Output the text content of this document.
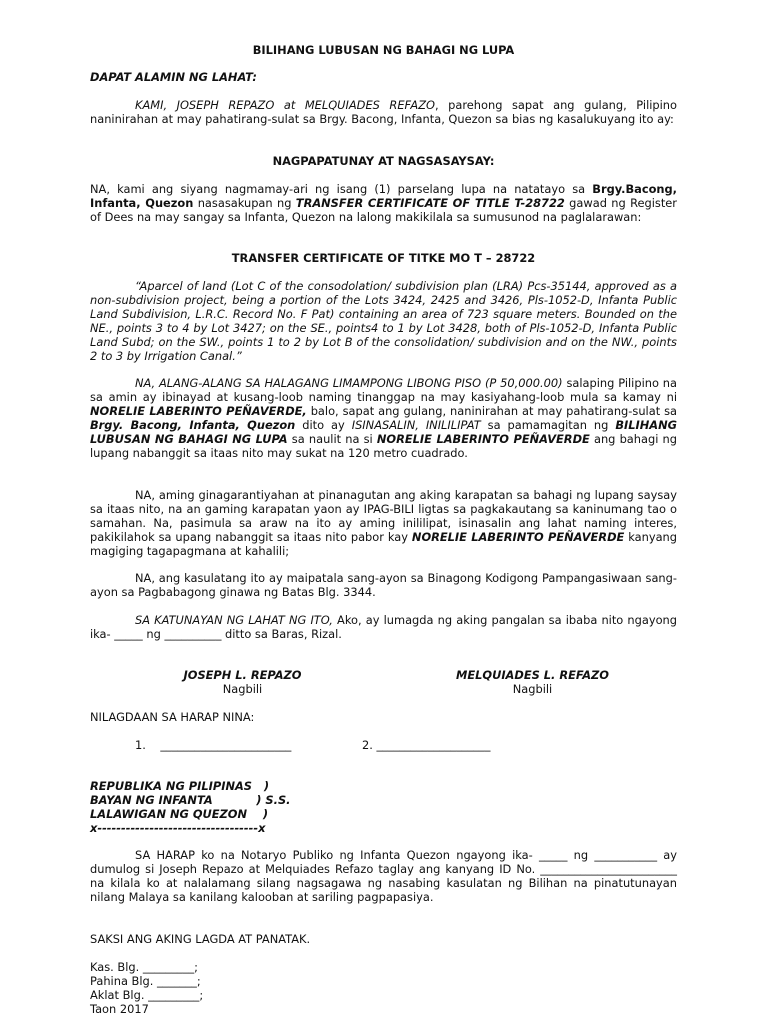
BILIHANG LUBUSAN NG BAHAGI NG LUPA
DAPAT ALAMIN NG LAHAT:
KAMI, JOSEPH REPAZO at MELQUIADES REFAZO, parehong sapat ang gulang, Pilipino naninirahan at may pahatirang-sulat sa Brgy. Bacong, Infanta, Quezon sa bias ng kasalukuyang ito ay:
NAGPAPATUNAY AT NAGSASAYSAY:
NA, kami ang siyang nagmamay-ari ng isang (1) parselang lupa na natatayo sa Brgy.Bacong, Infanta, Quezon nasasakupan ng TRANSFER CERTIFICATE OF TITLE T-28722 gawad ng Register of Dees na may sangay sa Infanta, Quezon na lalong makikilala sa sumusunod na paglalarawan:
TRANSFER CERTIFICATE OF TITKE MO T – 28722
“Aparcel of land (Lot C of the consodolation/ subdivision plan (LRA) Pcs-35144, approved as a non-subdivision project, being a portion of the Lots 3424, 2425 and 3426, Pls-1052-D, Infanta Public Land Subdivision, L.R.C. Record No. F Pat) containing an area of 723 square meters. Bounded on the NE., points 3 to 4 by Lot 3427; on the SE., points4 to 1 by Lot 3428, both of Pls-1052-D, Infanta Public Land Subd; on the SW., points 1 to 2 by Lot B of the consolidation/ subdivision and on the NW., points 2 to 3 by Irrigation Canal.”
NA, ALANG-ALANG SA HALAGANG LIMAMPONG LIBONG PISO (P 50,000.00) salaping Pilipino na sa amin ay ibinayad at kusang-loob naming tinanggap na may kasiyahang-loob mula sa kamay ni NORELIE LABERINTO PEÑAVERDE, balo, sapat ang gulang, naninirahan at may pahatirang-sulat sa Brgy. Bacong, Infanta, Quezon dito ay ISINASALIN, INILILIPAT sa pamamagitan ng BILIHANG LUBUSAN NG BAHAGI NG LUPA sa naulit na si NORELIE LABERINTO PEÑAVERDE ang bahagi ng lupang nabanggit sa itaas nito may sukat na 120 metro cuadrado.
NA, aming ginagarantiyahan at pinanagutan ang aking karapatan sa bahagi ng lupang saysay sa itaas nito, na an gaming karapatan yaon ay IPAG-BILI ligtas sa pagkakautang sa kaninumang tao o samahan. Na, pasimula sa araw na ito ay aming inililipat, isinasalin ang lahat naming interes, pakikilahok sa upang nabanggit sa itaas nito pabor kay NORELIE LABERINTO PEÑAVERDE kanyang magiging tagapagmana at kahalili;
NA, ang kasulatang ito ay maipatala sang-ayon sa Binagong Kodigong Pampangasiwaan sang-ayon sa Pagbabagong ginawa ng Batas Blg. 3344.
SA KATUNAYAN NG LAHAT NG ITO, Ako, ay lumagda ng aking pangalan sa ibaba nito ngayong ika- _____ ng __________ ditto sa Baras, Rizal.
JOSEPH L. REPAZO
Nagbili
MELQUIADES L. REFAZO
Nagbili
NILAGDAAN SA HARAP NINA:
1.    _______________________	2. ____________________
REPUBLIKA NG PILIPINAS   )
BAYAN NG INFANTA           ) S.S.
LALAWIGAN NG QUEZON    )
x----------------------------------x
SA HARAP ko na Notaryo Publiko ng Infanta Quezon ngayong ika- _____ ng ___________ ay dumulog si Joseph Repazo at Melquiades Refazo taglay ang kanyang ID No. ________________________ na kilala ko at nalalamang silang nagsagawa ng nasabing kasulatan ng Bilihan na pinatutunayan nilang Malaya sa kanilang kalooban at sariling pagpapasiya.
SAKSI ANG AKING LAGDA AT PANATAK.
Kas. Blg. _________;
Pahina Blg. _______;
Aklat Blg. _________;
Taon 2017
